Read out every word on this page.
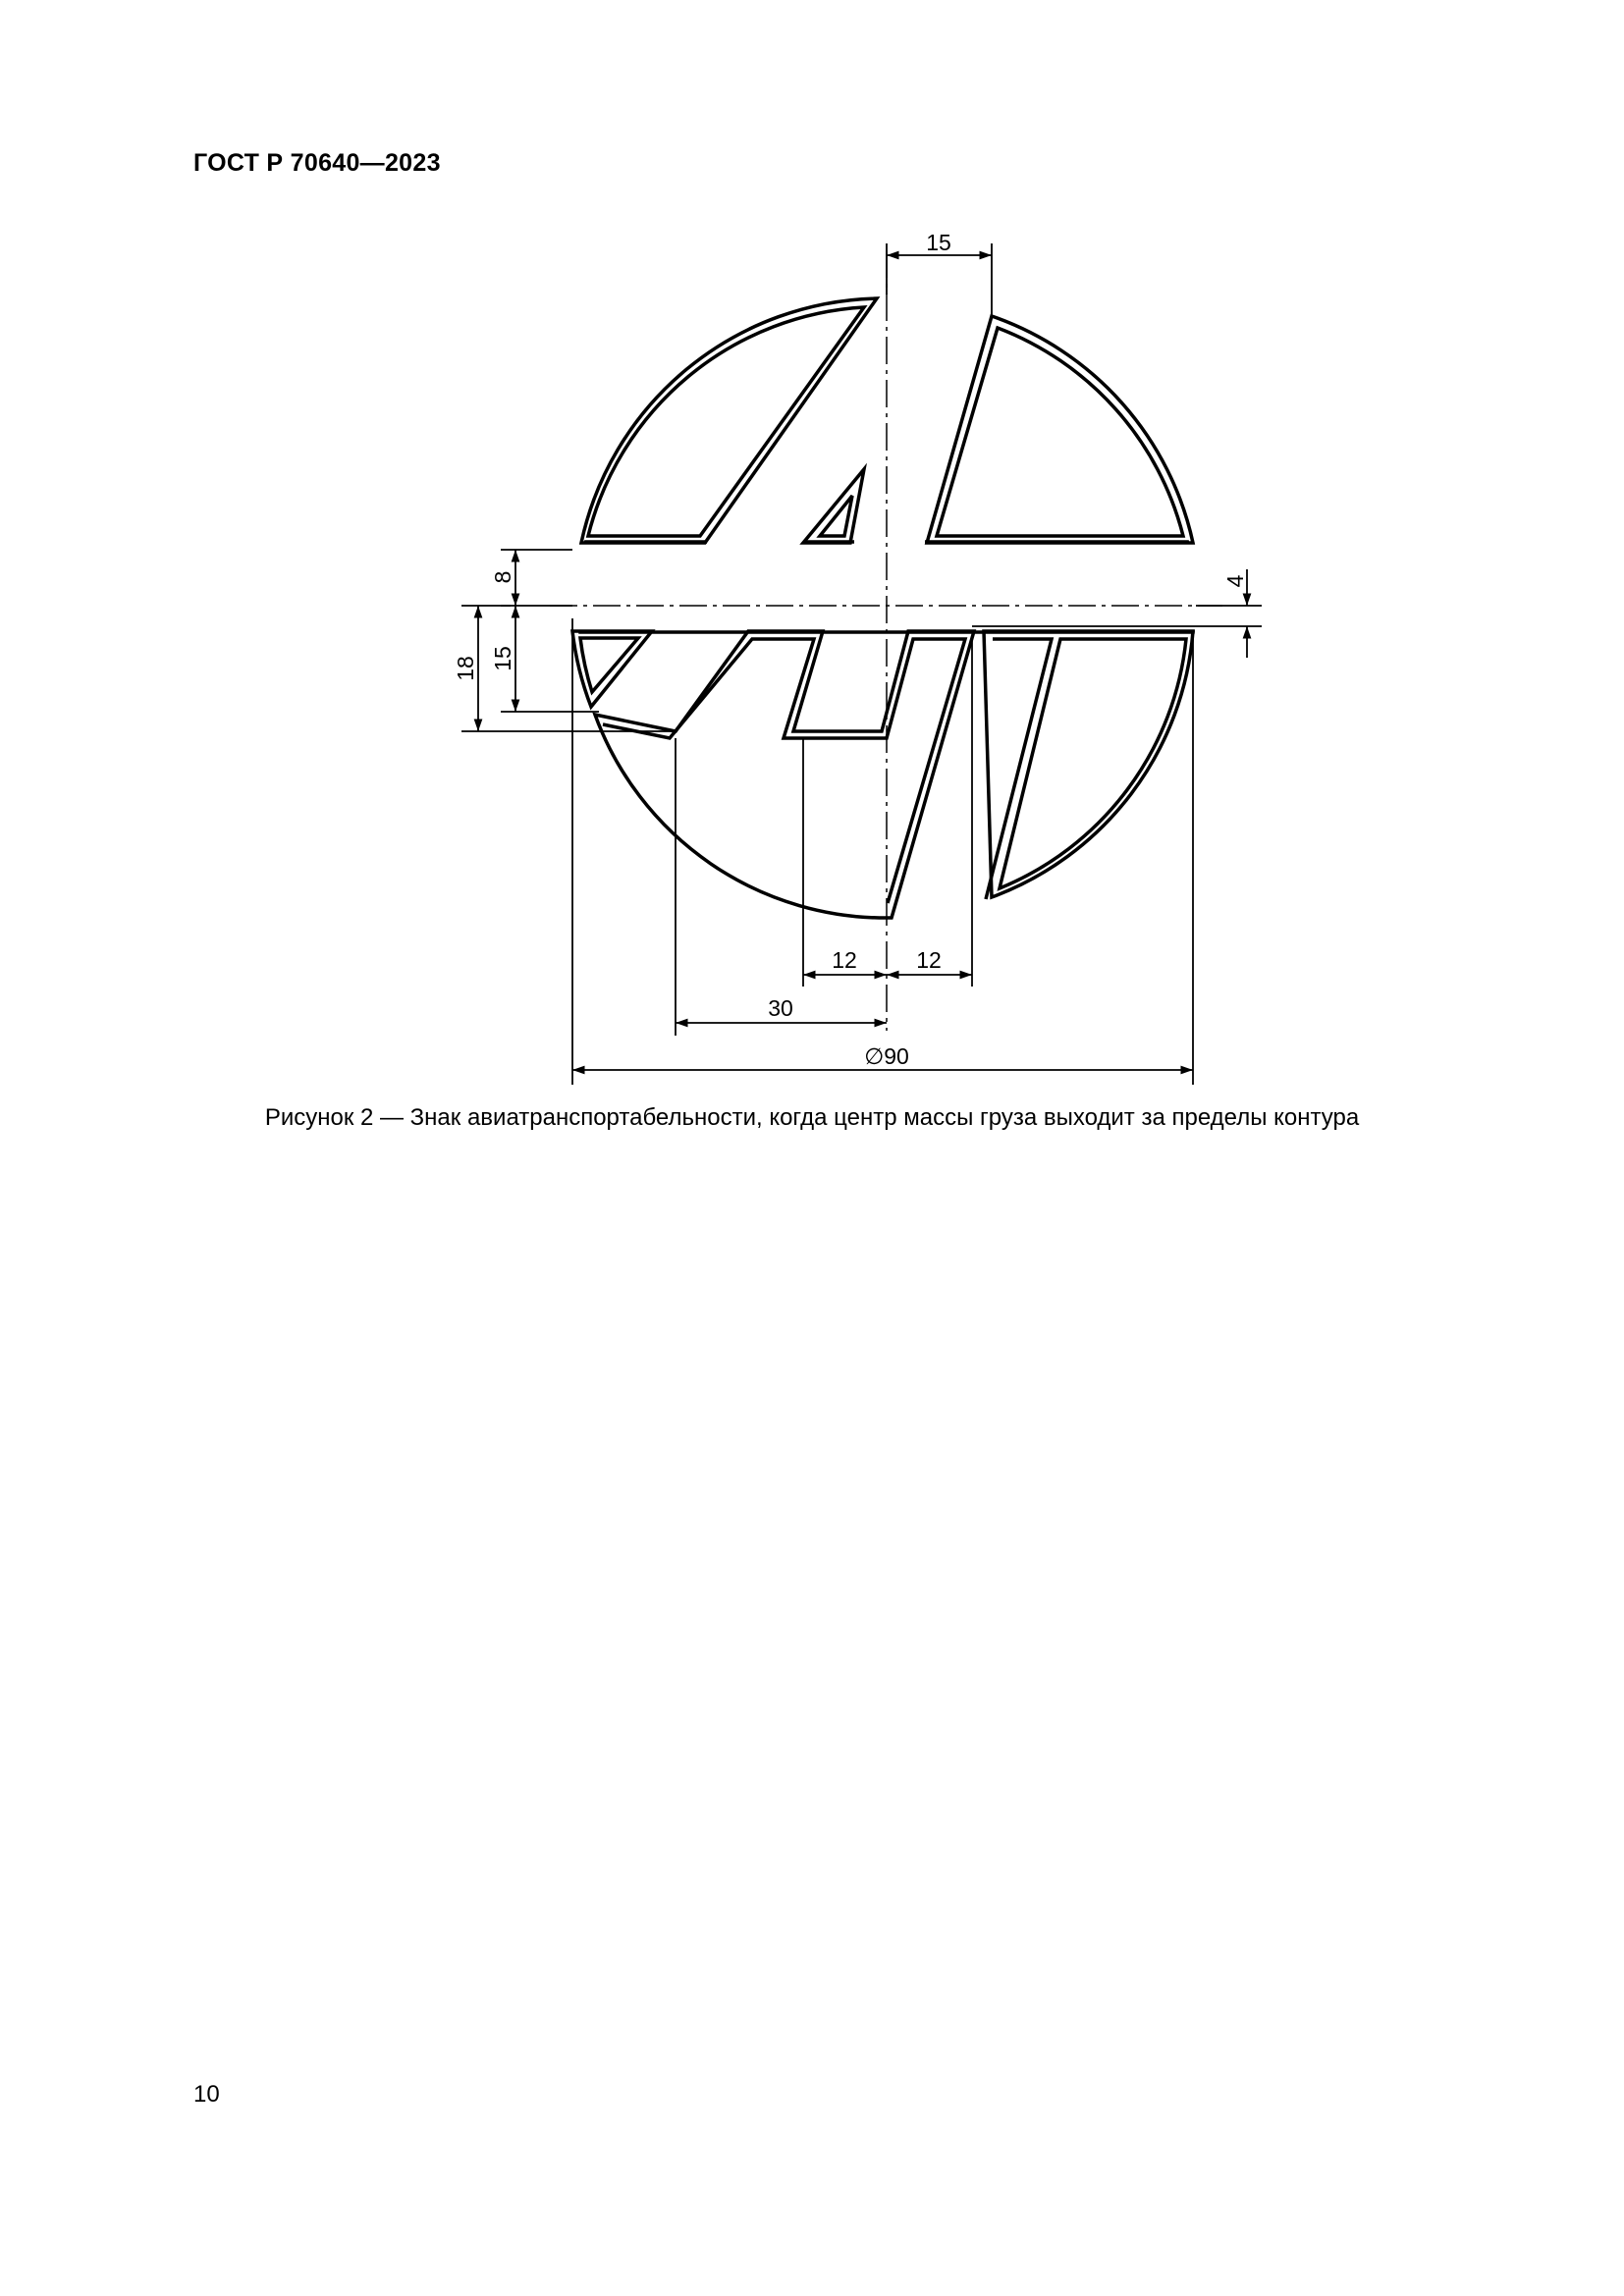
ГОСТ Р 70640—2023
15
8
15
18
4
12	12
30
∅90
Рисунок 2 — Знак авиатранспортабельности, когда центр массы груза выходит за пределы контура
10
